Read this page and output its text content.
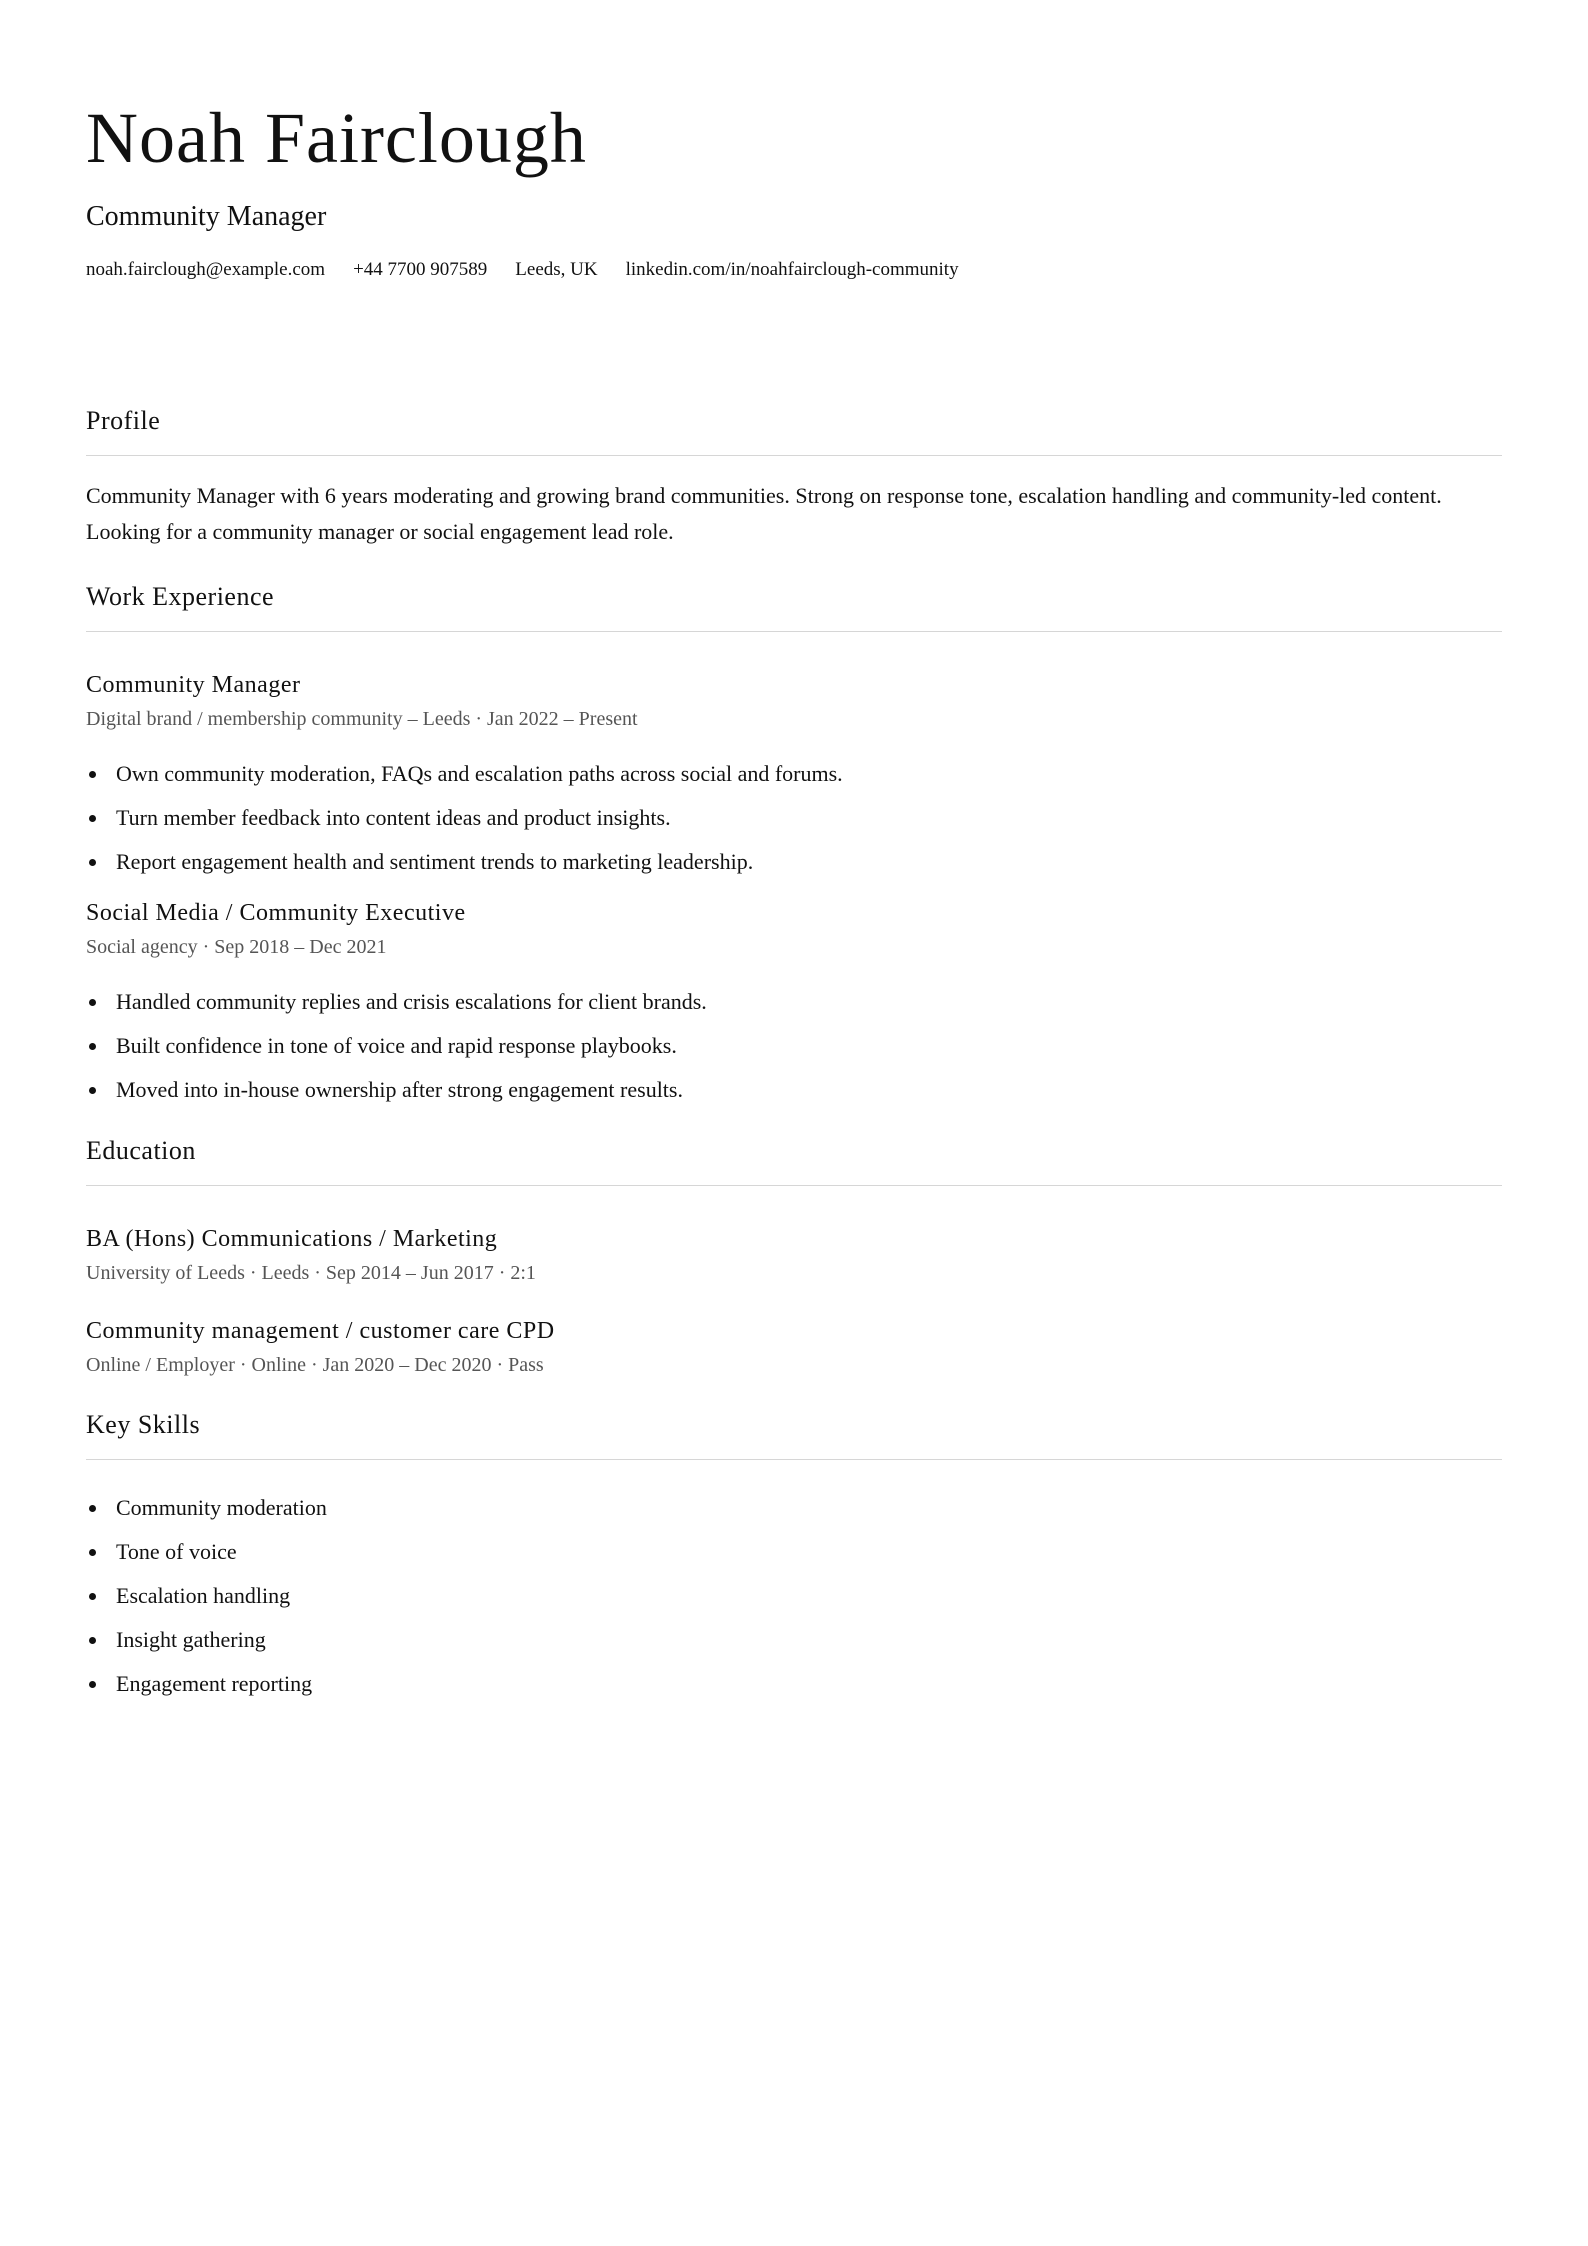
Noah Fairclough
Community Manager
noah.fairclough@example.com +44 7700 907589 Leeds, UK linkedin.com/in/noahfairclough-community
Profile

Community Manager with 6 years moderating and growing brand communities. Strong on response tone, escalation handling and community-led content. Looking for a community manager or social engagement lead role.

Work Experience
Community Manager
Digital brand / membership community – Leeds · Jan 2022 – Present
Own community moderation, FAQs and escalation paths across social and forums.
Turn member feedback into content ideas and product insights.
Report engagement health and sentiment trends to marketing leadership.
Social Media / Community Executive
Social agency · Sep 2018 – Dec 2021
Handled community replies and crisis escalations for client brands.
Built confidence in tone of voice and rapid response playbooks.
Moved into in-house ownership after strong engagement results.
Education
BA (Hons) Communications / Marketing
University of Leeds · Leeds · Sep 2014 – Jun 2017 · 2:1
Community management / customer care CPD
Online / Employer · Online · Jan 2020 – Dec 2020 · Pass
Key Skills
Community moderation
Tone of voice
Escalation handling
Insight gathering
Engagement reporting
